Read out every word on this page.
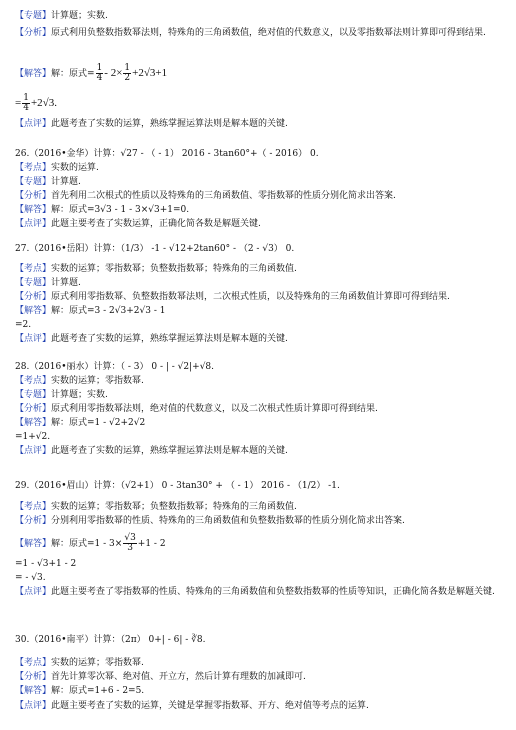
【专题】计算题；实数.
【分析】原式利用负整数指数幂法则，特殊角的三角函数值，绝对值的代数意义，以及零指数幂法则计算即可得到结果.
【解答】解：原式= $\frac{1}{4} - 2\times \frac{1}{2} +2√3+1$
= $\frac{1}{4} +2√3$.
【点评】此题考查了实数的运算，熟练掌握运算法则是解本题的关键.
26.（2016•金华）计算：√27 - （ - 1） 2016 - 3tan60°+（ - 2016） 0.
【考点】实数的运算.
【专题】计算题.
【分析】首先利用二次根式的性质以及特殊角的三角函数值、零指数幂的性质分别化简求出答案.
【解答】解：原式=3√3 - 1 - 3×√3+1=0.
【点评】此题主要考查了实数运算，正确化简各数是解题关键.
27.（2016•岳阳）计算：（1/3） -1 - √12+2tan60° - （2 - √3） 0.
【考点】实数的运算；零指数幂；负整数指数幂；特殊角的三角函数值.
【专题】计算题.
【分析】原式利用零指数幂、负整数指数幂法则，二次根式性质，以及特殊角的三角函数值计算即可得到结果.
【解答】解：原式=3 - 2√3+2√3 - 1
=2.
【点评】此题考查了实数的运算，熟练掌握运算法则是解本题的关键.
28.（2016•丽水）计算：（ - 3） 0 - | - √2|+√8.
【考点】实数的运算；零指数幂.
【专题】计算题；实数.
【分析】原式利用零指数幂法则，绝对值的代数意义，以及二次根式性质计算即可得到结果.
【解答】解：原式=1 - √2+2√2
=1+√2.
【点评】此题考查了实数的运算，熟练掌握运算法则是解本题的关键.
29.（2016•眉山）计算：（√2+1） 0 - 3tan30° + （ - 1） 2016 - （1/2） -1.
【考点】实数的运算；零指数幂；负整数指数幂；特殊角的三角函数值.
【分析】分别利用零指数幂的性质、特殊角的三角函数值和负整数指数幂的性质分别化简求出答案.
【解答】解：原式$=1 - 3\times \frac{√3}{3} +1 - 2$
=1 - √3+1 - 2
= - √3.
【点评】此题主要考查了零指数幂的性质、特殊角的三角函数值和负整数指数幂的性质等知识，正确化简各数是解题关键.
30.（2016•南平）计算：（2π） 0+| - 6| - ∛8.
【考点】实数的运算；零指数幂.
【分析】首先计算零次幂、绝对值、开立方，然后计算有理数的加减即可.
【解答】解：原式=1+6 - 2=5.
【点评】此题主要考查了实数的运算，关键是掌握零指数幂、开方、绝对值等考点的运算.
